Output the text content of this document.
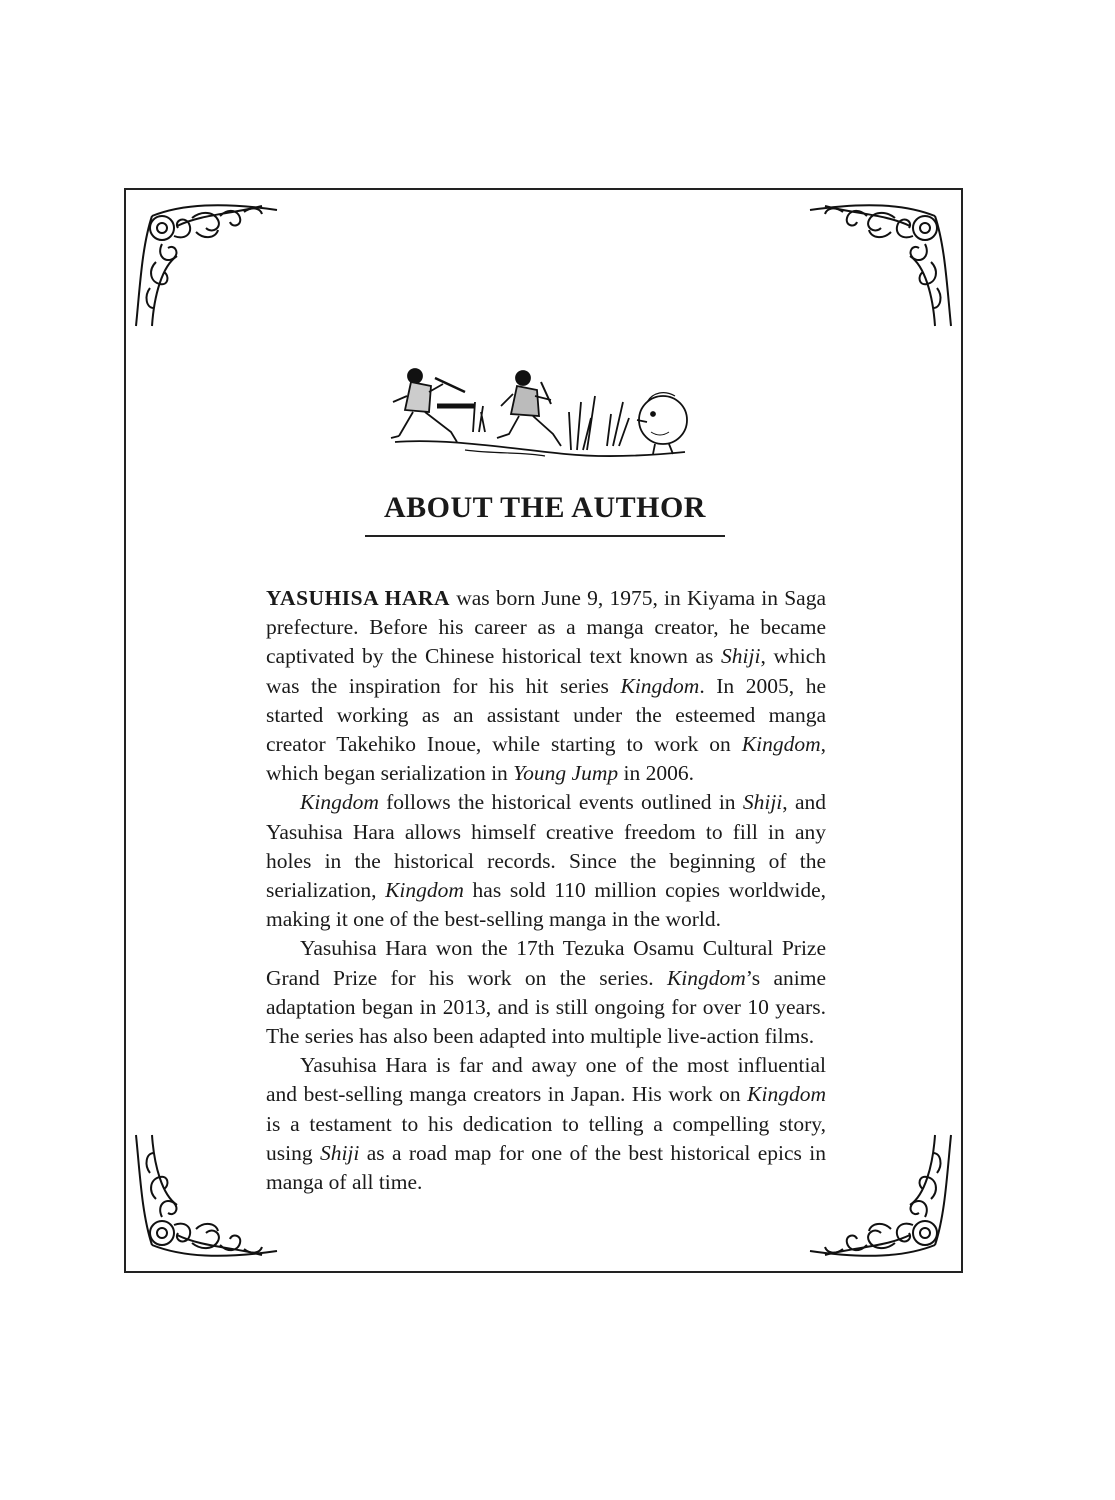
ABOUT THE AUTHOR

YASUHISA HARA was born June 9, 1975, in Kiyama in Saga prefecture. Before his career as a manga creator, he became captivated by the Chinese historical text known as Shiji, which was the inspiration for his hit series Kingdom. In 2005, he started working as an assistant under the esteemed manga creator Takehiko Inoue, while starting to work on Kingdom, which began serialization in Young Jump in 2006.

Kingdom follows the historical events outlined in Shiji, and Yasuhisa Hara allows himself creative freedom to fill in any holes in the historical records. Since the beginning of the serialization, Kingdom has sold 110 million copies worldwide, making it one of the best-selling manga in the world.

Yasuhisa Hara won the 17th Tezuka Osamu Cultural Prize Grand Prize for his work on the series. Kingdom’s anime adaptation began in 2013, and is still ongoing for over 10 years. The series has also been adapted into multiple live-action films.

Yasuhisa Hara is far and away one of the most influential and best-selling manga creators in Japan. His work on Kingdom is a testament to his dedication to telling a compelling story, using Shiji as a road map for one of the best historical epics in manga of all time.
